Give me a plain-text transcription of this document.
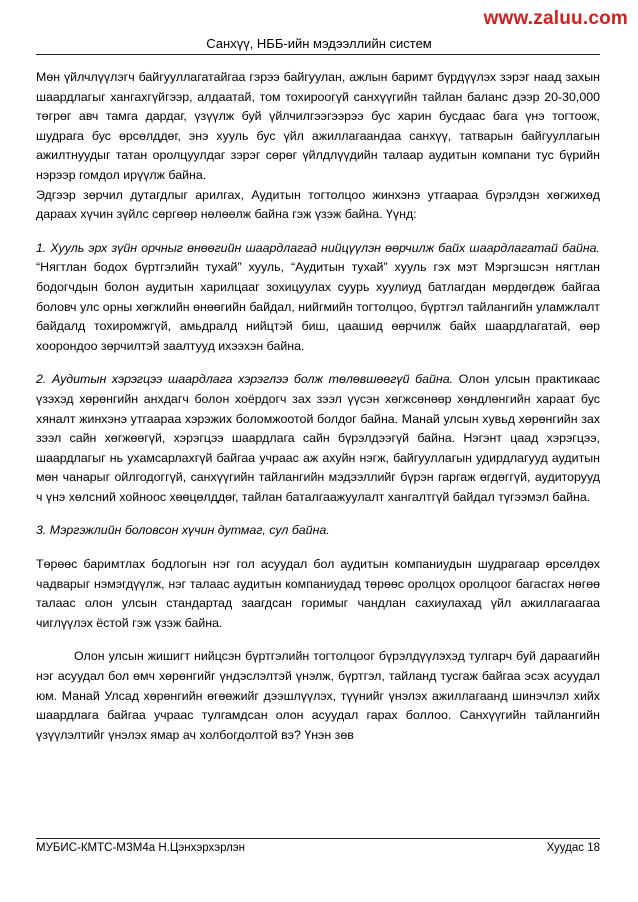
www.zaluu.com
Санхүү, НББ-ийн мэдээллийн систем

Мөн үйлчлүүлэгч байгууллагатайгаа гэрээ байгуулан, ажлын баримт бүрдүүлэх зэрэг наад захын шаардлагыг хангахгүйгээр, алдаатай, том тохироогүй санхүүгийн тайлан баланс дээр 20-30,000 төгрөг авч тамга дардаг, үзүүлж буй үйлчилгээгээрээ бус харин бусдаас бага үнэ тогтоож, шудрага бус өрсөлддөг, энэ хууль бус үйл ажиллагаандаа санхүү, татварын байгууллагын ажилтнуудыг татан оролцуулдаг зэрэг сөрөг үйлдлүүдийн талаар аудитын компани тус бүрийн нэрээр гомдол ирүүлж байна.

Эдгээр зөрчил дутагдлыг арилгах, Аудитын тогтолцоо жинхэнэ утгаараа бүрэлдэн хөгжихөд дараах хүчин зүйлс сөргөөр нөлөөлж байна гэж үзэж байна. Үүнд:

1. Хууль эрх зүйн орчныг өнөөгийн шаардлагад нийцүүлэн өөрчилж байх шаардлагатай байна. “Нягтлан бодох бүртгэлийн тухай” хууль, “Аудитын тухай” хууль гэх мэт Мэргэшсэн нягтлан бодогчдын болон аудитын харилцааг зохицуулах суурь хуулиуд батлагдан мөрдөгдөж байгаа боловч улс орны хөгжлийн өнөөгийн байдал, нийгмийн тогтолцоо, бүртгэл тайлангийн уламжлалт байдалд тохиромжгүй, амьдралд нийцтэй биш, цаашид өөрчилж байх шаардлагатай, өөр хоорондоо зөрчилтэй заалтууд ихээхэн байна.

2. Аудитын хэрэгцээ шаардлага хэрэглээ болж төлөвшөөгүй байна. Олон улсын практикаас үзэхэд хөрөнгийн анхдагч болон хоёрдогч зах зээл үүсэн хөгжсөнөөр хөндлөнгийн хараат бус хяналт жинхэнэ утгаараа хэрэжих боломжоотой болдог байна. Манай улсын хувьд хөрөнгийн зах зээл сайн хөгжөөгүй, хэрэгцээ шаардлага сайн бүрэлдээгүй байна. Нэгэнт цаад хэрэгцээ, шаардлагыг нь ухамсарлахгүй байгаа учраас аж ахуйн нэгж, байгууллагын удирдлагууд аудитын мөн чанарыг ойлгодоггүй, санхүүгийн тайлангийн мэдээллийг бүрэн гаргаж өгдөггүй, аудиторууд ч үнэ хөлсний хойноос хөөцөлддөг, тайлан баталгаажуулалт хангалтгүй байдал түгээмэл байна.

3. Мэргэжлийн боловсон хүчин дутмаг, сул байна.

Төрөөс баримтлах бодлогын нэг гол асуудал бол аудитын компаниудын шудрагаар өрсөлдөх чадварыг нэмэгдүүлж, нэг талаас аудитын компаниудад төрөөс оролцох оролцоог багасгах нөгөө талаас олон улсын стандартад заагдсан горимыг чандлан сахиулахад үйл ажиллагаагаа чиглүүлэх ёстой гэж үзэж байна.

Олон улсын жишигт нийцсэн бүртгэлийн тогтолцоог бүрэлдүүлэхэд тулгарч буй дараагийн нэг асуудал бол өмч хөрөнгийг үндэслэлтэй үнэлж, бүртгэл, тайланд тусгаж байгаа эсэх асуудал юм. Манай Улсад хөрөнгийн өгөөжийг дээшлүүлэх, түүнийг үнэлэх ажиллагаанд шинэчлэл хийх шаардлага байгаа учраас тулгамдсан олон асуудал гарах боллоо. Санхүүгийн тайлангийн үзүүлэлтийг үнэлэх ямар ач холбогдолтой вэ? Үнэн зөв

МУБИС-КМТС-МЗМ4а Н.Цэнхэрхэрлэн	Хуудас 18
